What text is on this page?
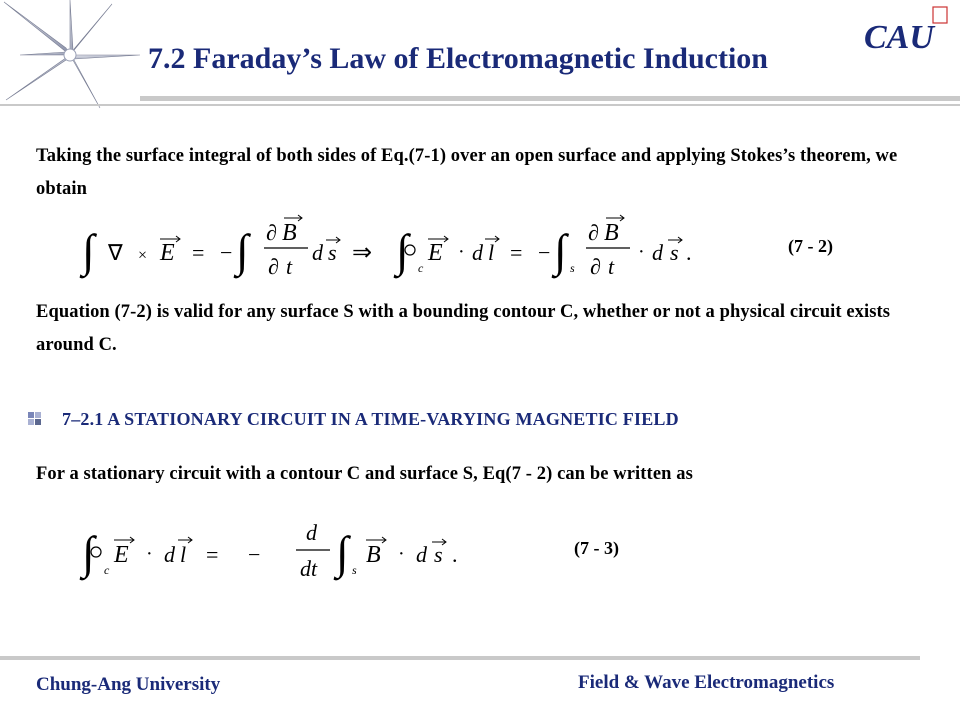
7.2 Faraday’s Law of Electromagnetic Induction
CAU
Taking the surface integral of both sides of Eq.(7-1) over an open surface and applying Stokes’s theorem, we obtain
∫ ∇ × E = − ∫ ∂ B
∂ t
d s ⇒ ∫ c
E · d l = − ∫ s
∂ B
∂ t
· d s .	(7 - 2)
Equation (7-2) is valid for any surface S with a bounding contour C, whether or not a physical circuit exists around C.
7–2.1 A STATIONARY CIRCUIT IN A TIME-VARYING MAGNETIC FIELD
For a stationary circuit with a contour C and surface S, Eq(7 - 2) can be written as
∫ c
E · d l = −
d
dt ∫ s
B · d s .	(7 - 3)
Chung-Ang University	Field & Wave Electromagnetics
